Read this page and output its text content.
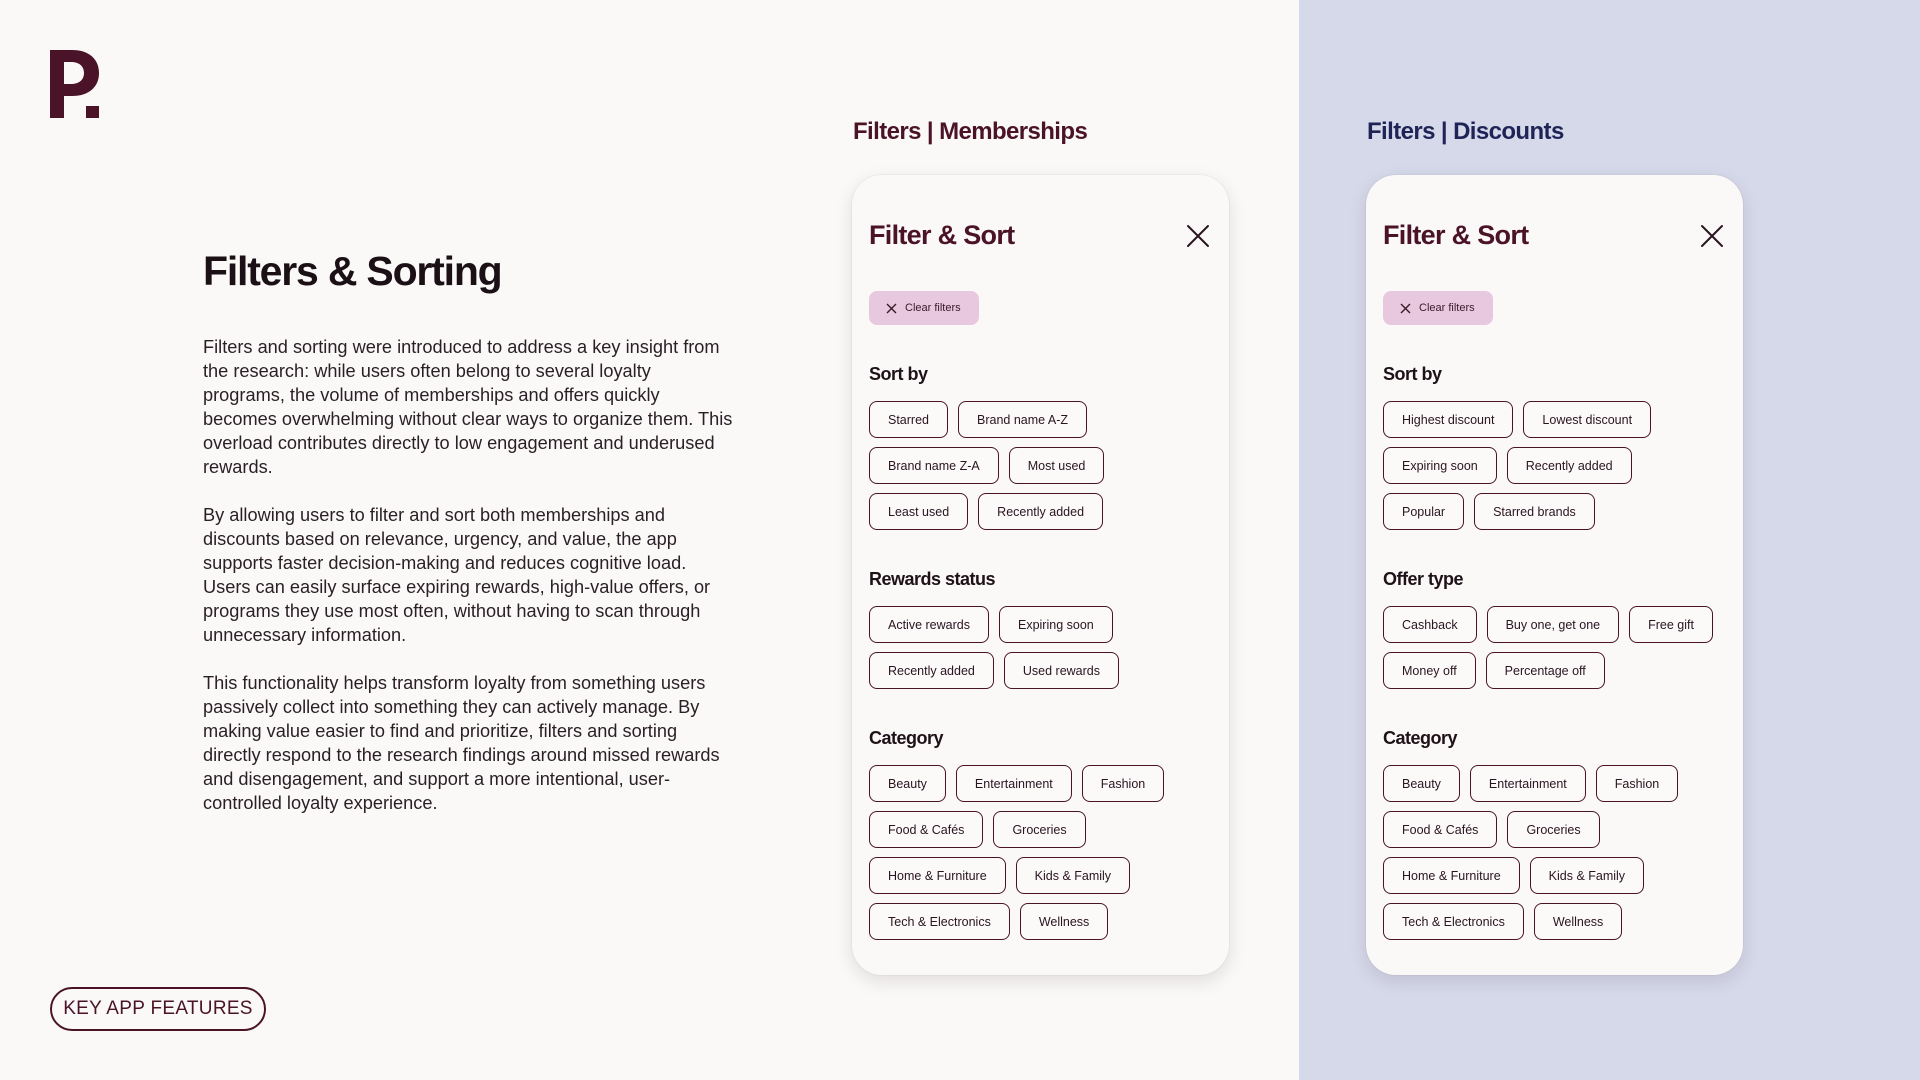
Filters & Sorting

Filters and sorting were introduced to address a key insight from the research: while users often belong to several loyalty programs, the volume of memberships and offers quickly becomes overwhelming without clear ways to organize them. This overload contributes directly to low engagement and underused rewards.

By allowing users to filter and sort both memberships and discounts based on relevance, urgency, and value, the app supports faster decision-making and reduces cognitive load. Users can easily surface expiring rewards, high-value offers, or programs they use most often, without having to scan through unnecessary information.

This functionality helps transform loyalty from something users passively collect into something they can actively manage. By making value easier to find and prioritize, filters and sorting directly respond to the research findings around missed rewards and disengagement, and support a more intentional, user-controlled loyalty experience.

KEY APP FEATURES
Filters | Memberships	Filters | Discounts
Filter & Sort
Clear filters
Sort by
Starred	Brand name A-Z
Brand name Z-A	Most used
Least used	Recently added
Rewards status
Active rewards	Expiring soon
Recently added	Used rewards
Category
Beauty	Entertainment	Fashion
Food & Cafés	Groceries
Home & Furniture	Kids & Family
Tech & Electronics	Wellness
Filter & Sort
Clear filters
Sort by
Highest discount	Lowest discount
Expiring soon	Recently added
Popular	Starred brands
Offer type
Cashback	Buy one, get one	Free gift
Money off	Percentage off
Category
Beauty	Entertainment	Fashion
Food & Cafés	Groceries
Home & Furniture	Kids & Family
Tech & Electronics	Wellness
